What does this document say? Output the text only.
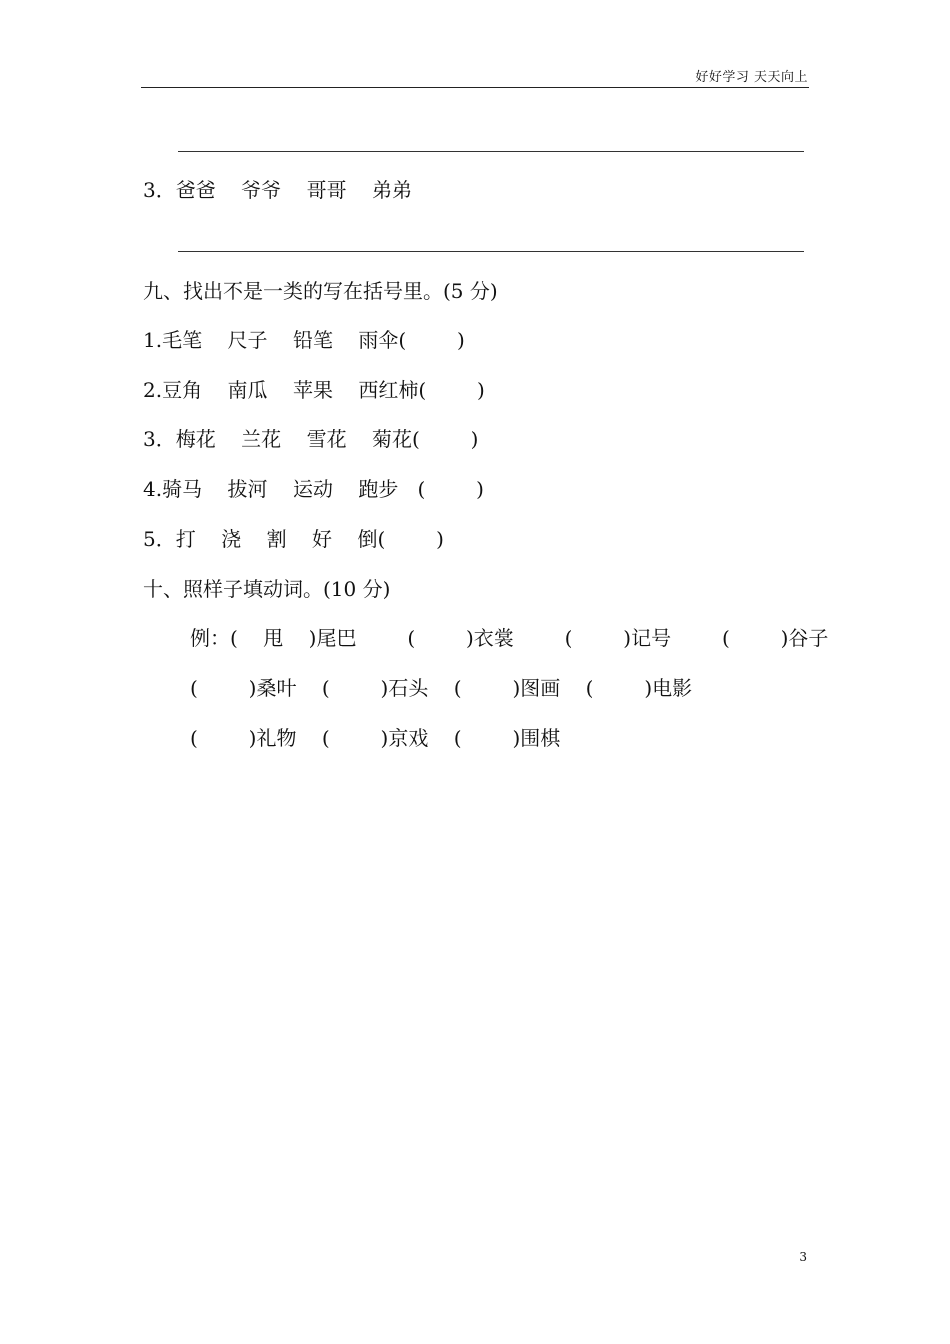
好好学习 天天向上
3．爸爸    爷爷    哥哥    弟弟
九、找出不是一类的写在括号里。(5 分)
1.毛笔    尺子    铅笔    雨伞(        )
2.豆角    南瓜    苹果    西红柿(        )
3．梅花    兰花    雪花    菊花(        )
4.骑马    拔河    运动    跑步   (        )
5．打    浇    割    好    倒(        )
十、照样子填动词。(10 分)
例：(    甩    )尾巴        (        )衣裳        (        )记号        (        )谷子
(        )桑叶    (        )石头    (        )图画    (        )电影
(        )礼物    (        )京戏    (        )围棋
3
